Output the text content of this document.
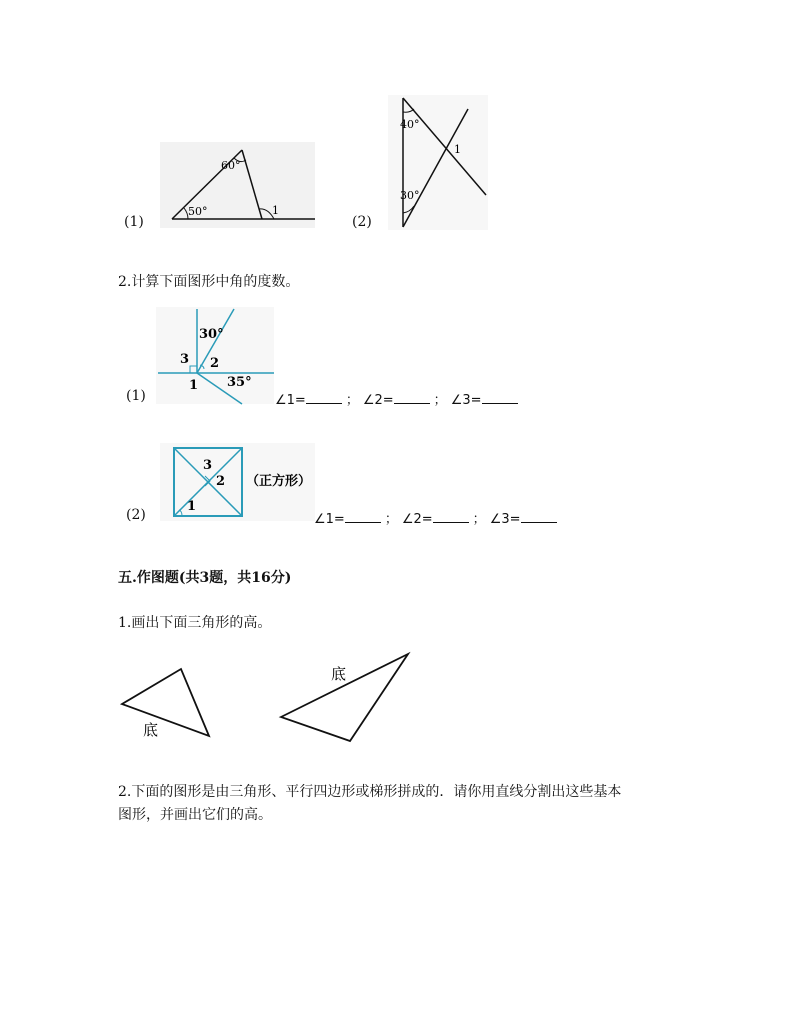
60°
50°	1
(1)
40°
30°
1
(2)
2.计算下面图形中角的度数。
30°
35°
3 2
1
(1)	∠1=	； ∠2=	； ∠3=
3
2
1
（正方形）
(2)	∠1=	； ∠2=	； ∠3=
五.作图题(共3题，共16分)
1.画出下面三角形的高。
底
底
2.下面的图形是由三角形、平行四边形或梯形拼成的．请你用直线分割出这些基本
图形，并画出它们的高。
